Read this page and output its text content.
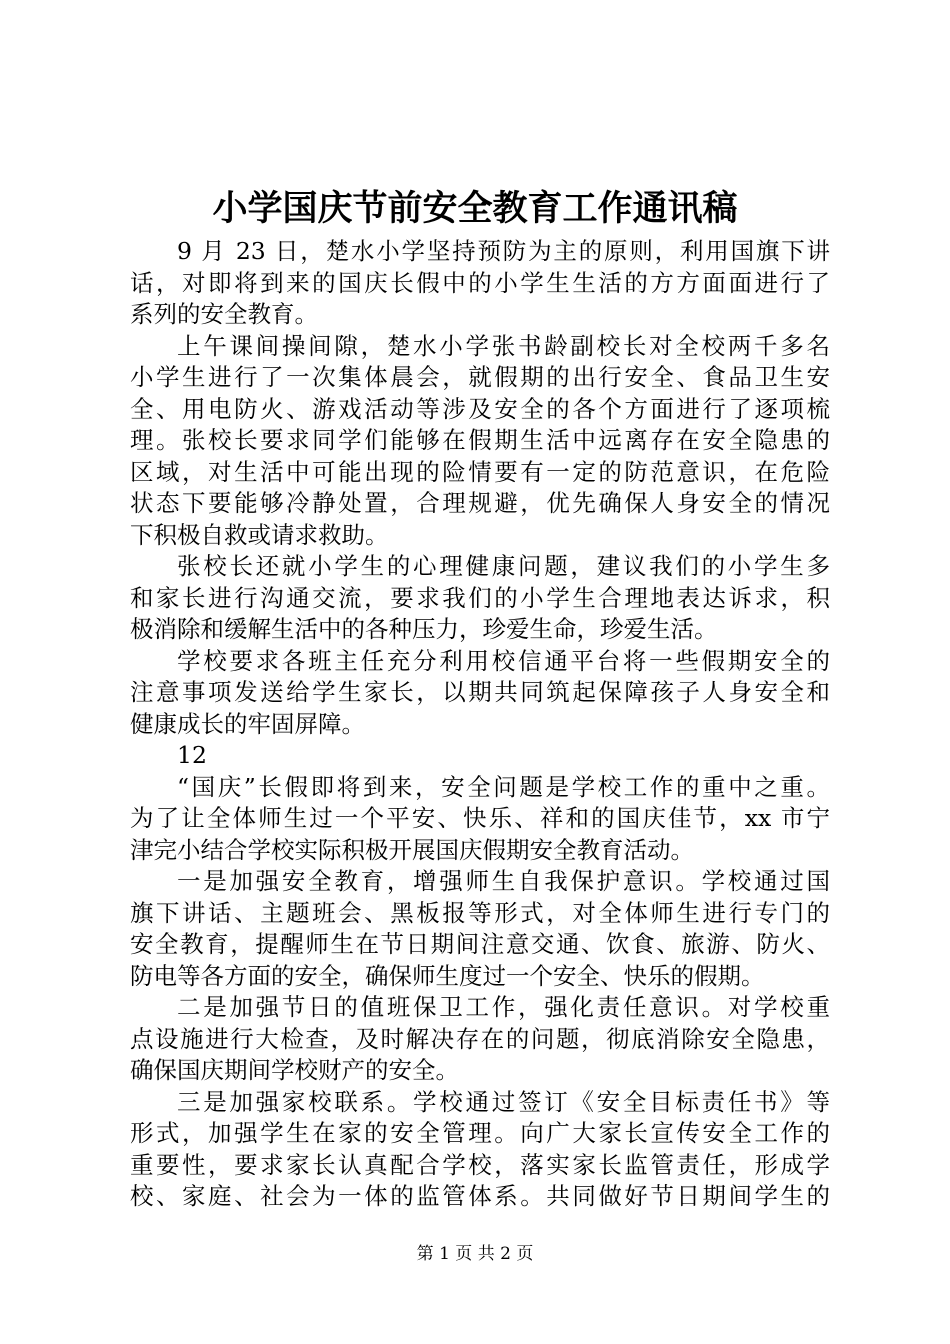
小学国庆节前安全教育工作通讯稿
9 月 23 日，楚水小学坚持预防为主的原则，利用国旗下讲
话，对即将到来的国庆长假中的小学生生活的方方面面进行了
系列的安全教育。
上午课间操间隙，楚水小学张书龄副校长对全校两千多名
小学生进行了一次集体晨会，就假期的出行安全、食品卫生安
全、用电防火、游戏活动等涉及安全的各个方面进行了逐项梳
理。张校长要求同学们能够在假期生活中远离存在安全隐患的
区域，对生活中可能出现的险情要有一定的防范意识，在危险
状态下要能够冷静处置，合理规避，优先确保人身安全的情况
下积极自救或请求救助。
张校长还就小学生的心理健康问题，建议我们的小学生多
和家长进行沟通交流，要求我们的小学生合理地表达诉求，积
极消除和缓解生活中的各种压力，珍爱生命，珍爱生活。
学校要求各班主任充分利用校信通平台将一些假期安全的
注意事项发送给学生家长，以期共同筑起保障孩子人身安全和
健康成长的牢固屏障。
12
“国庆”长假即将到来，安全问题是学校工作的重中之重。
为了让全体师生过一个平安、快乐、祥和的国庆佳节，xx 市宁
津完小结合学校实际积极开展国庆假期安全教育活动。
一是加强安全教育，增强师生自我保护意识。学校通过国
旗下讲话、主题班会、黑板报等形式，对全体师生进行专门的
安全教育，提醒师生在节日期间注意交通、饮食、旅游、防火、
防电等各方面的安全，确保师生度过一个安全、快乐的假期。
二是加强节日的值班保卫工作，强化责任意识。对学校重
点设施进行大检查，及时解决存在的问题，彻底消除安全隐患，
确保国庆期间学校财产的安全。
三是加强家校联系。学校通过签订《安全目标责任书》等
形式，加强学生在家的安全管理。向广大家长宣传安全工作的
重要性，要求家长认真配合学校，落实家长监管责任，形成学
校、家庭、社会为一体的监管体系。共同做好节日期间学生的
第 1 页 共 2 页
